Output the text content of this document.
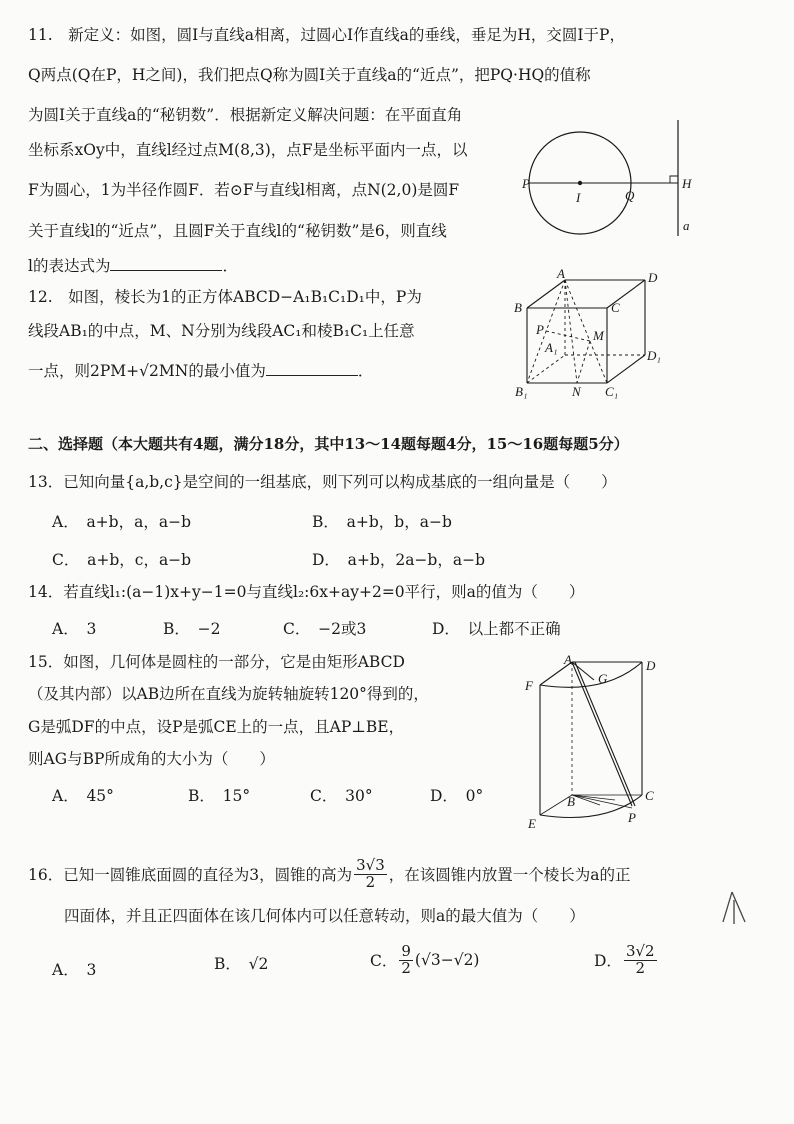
11.　新定义：如图，圆I与直线a相离，过圆心I作直线a的垂线，垂足为H，交圆I于P，
Q两点(Q在P，H之间)，我们把点Q称为圆I关于直线a的“近点”，把PQ·HQ的值称
为圆I关于直线a的“秘钥数”．根据新定义解决问题：在平面直角
坐标系xOy中，直线l经过点M(8,3)，点F是坐标平面内一点，以
F为圆心，1为半径作圆F．若⊙F与直线l相离，点N(2,0)是圆F
关于直线l的“近点”，且圆F关于直线l的“秘钥数”是6，则直线
l的表达式为	．
P
I	Q
H
a
12.　如图，棱长为1的正方体ABCD−A₁B₁C₁D₁中，P为
线段AB₁的中点，M、N分别为线段AC₁和棱B₁C₁上任意
一点，则2PM+√2MN的最小值为	．
A	D
B	C
P	M
A₁
D₁
B₁	N C₁
二、选择题（本大题共有4题，满分18分，其中13～14题每题4分，15～16题每题5分）
13．已知向量{a,b,c}是空间的一组基底，则下列可以构成基底的一组向量是（　　）
A．　a+b，a，a−b	B．　a+b，b，a−b
C．　a+b，c，a−b	D．　a+b，2a−b，a−b
14．若直线l₁:(a−1)x+y−1=0与直线l₂:6x+ay+2=0平行，则a的值为（　　）
A．　3	B．　−2	C．　−2或3	D．　以上都不正确
15．如图，几何体是圆柱的一部分，它是由矩形ABCD
（及其内部）以AB边所在直线为旋转轴旋转120°得到的，
G是弧DF的中点，设P是弧CE上的一点，且AP⊥BE，
则AG与BP所成角的大小为（　　）
A．　45°	B．　15°	C．　30°	D．　0°
A	D
F	G
B	C
E	P
16．已知一圆锥底面圆的直径为3，圆锥的高为 $\frac{3√3}{2}$ ，在该圆锥内放置一个棱长为a的正
四面体，并且正四面体在该几何体内可以任意转动，则a的最大值为（　　）
A．　3	B．　√2	C． $\frac{9}{2} (√3-√2)$	D． $\frac{3√2}{2}$
